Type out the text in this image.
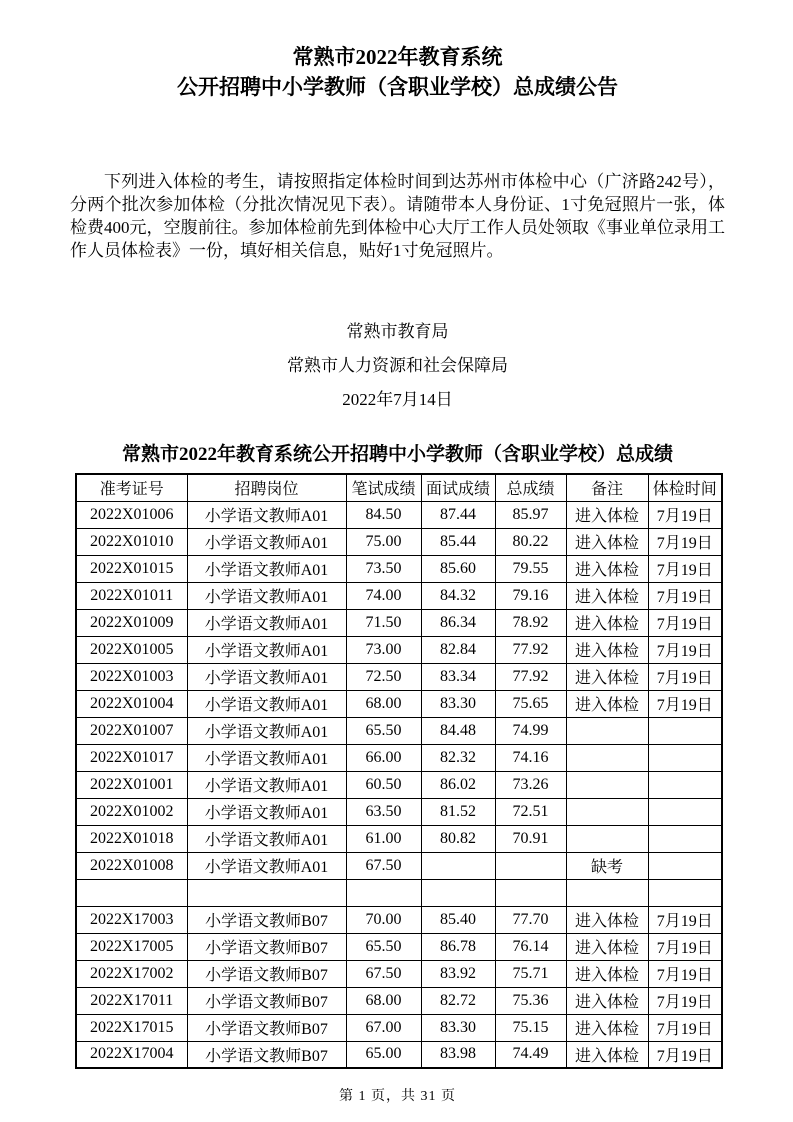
常熟市2022年教育系统
公开招聘中小学教师（含职业学校）总成绩公告

下列进入体检的考生，请按照指定体检时间到达苏州市体检中心（广济路242号），分两个批次参加体检（分批次情况见下表）。请随带本人身份证、1寸免冠照片一张，体检费400元，空腹前往。参加体检前先到体检中心大厅工作人员处领取《事业单位录用工作人员体检表》一份，填好相关信息，贴好1寸免冠照片。

常熟市教育局
常熟市人力资源和社会保障局
2022年7月14日
常熟市2022年教育系统公开招聘中小学教师（含职业学校）总成绩
准考证号	招聘岗位	笔试成绩	面试成绩	总成绩	备注	体检时间
2022X01006	小学语文教师A01	84.50	87.44	85.97	进入体检	7月19日
2022X01010	小学语文教师A01	75.00	85.44	80.22	进入体检	7月19日
2022X01015	小学语文教师A01	73.50	85.60	79.55	进入体检	7月19日
2022X01011	小学语文教师A01	74.00	84.32	79.16	进入体检	7月19日
2022X01009	小学语文教师A01	71.50	86.34	78.92	进入体检	7月19日
2022X01005	小学语文教师A01	73.00	82.84	77.92	进入体检	7月19日
2022X01003	小学语文教师A01	72.50	83.34	77.92	进入体检	7月19日
2022X01004	小学语文教师A01	68.00	83.30	75.65	进入体检	7月19日
2022X01007	小学语文教师A01	65.50	84.48	74.99		
2022X01017	小学语文教师A01	66.00	82.32	74.16		
2022X01001	小学语文教师A01	60.50	86.02	73.26		
2022X01002	小学语文教师A01	63.50	81.52	72.51		
2022X01018	小学语文教师A01	61.00	80.82	70.91		
2022X01008	小学语文教师A01	67.50			缺考	

2022X17003	小学语文教师B07	70.00	85.40	77.70	进入体检	7月19日
2022X17005	小学语文教师B07	65.50	86.78	76.14	进入体检	7月19日
2022X17002	小学语文教师B07	67.50	83.92	75.71	进入体检	7月19日
2022X17011	小学语文教师B07	68.00	82.72	75.36	进入体检	7月19日
2022X17015	小学语文教师B07	67.00	83.30	75.15	进入体检	7月19日
2022X17004	小学语文教师B07	65.00	83.98	74.49	进入体检	7月19日
第 1 页，共 31 页
